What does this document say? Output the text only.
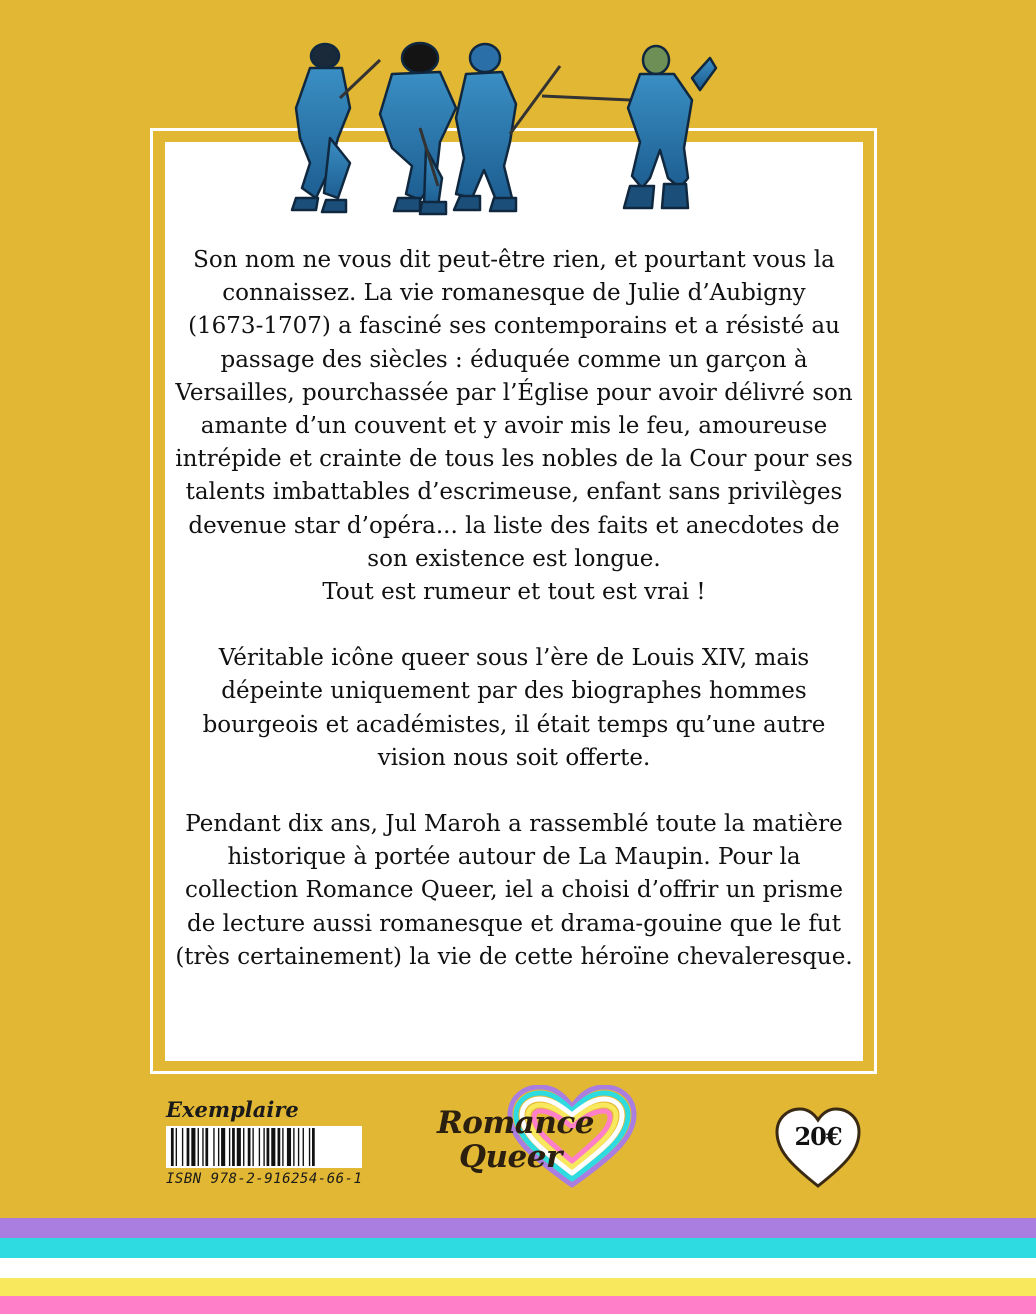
Son nom ne vous dit peut-être rien, et pourtant vous la
connaissez. La vie romanesque de Julie d’Aubigny
(1673-1707) a fasciné ses contemporains et a résisté au
passage des siècles : éduquée comme un garçon à
Versailles, pourchassée par l’Église pour avoir délivré son
amante d’un couvent et y avoir mis le feu, amoureuse
intrépide et crainte de tous les nobles de la Cour pour ses
talents imbattables d’escrimeuse, enfant sans privilèges
devenue star d’opéra... la liste des faits et anecdotes de
son existence est longue.
Tout est rumeur et tout est vrai !

Véritable icône queer sous l’ère de Louis XIV, mais
dépeinte uniquement par des biographes hommes
bourgeois et académistes, il était temps qu’une autre
vision nous soit offerte.

Pendant dix ans, Jul Maroh a rassemblé toute la matière
historique à portée autour de La Maupin. Pour la
collection Romance Queer, iel a choisi d’offrir un prisme
de lecture aussi romanesque et drama-gouine que le fut
(très certainement) la vie de cette héroïne chevaleresque.

Exemplaire
ISBN 978-2-916254-66-1
Romance
Queer
20€
